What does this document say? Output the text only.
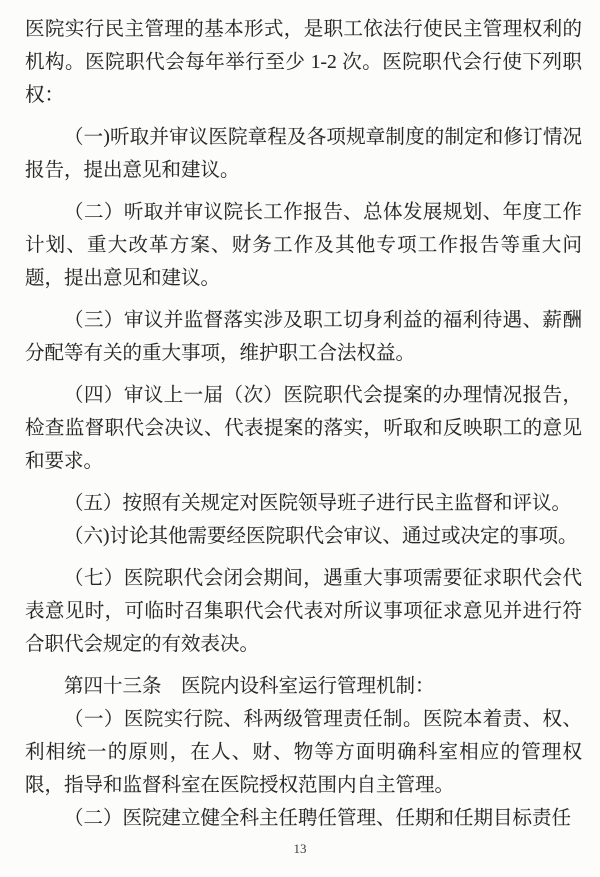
医院实行民主管理的基本形式，是职工依法行使民主管理权利的机构。医院职代会每年举行至少 1-2 次。医院职代会行使下列职权：

（一)听取并审议医院章程及各项规章制度的制定和修订情况报告，提出意见和建议。

（二）听取并审议院长工作报告、总体发展规划、年度工作计划、重大改革方案、财务工作及其他专项工作报告等重大问题，提出意见和建议。

（三）审议并监督落实涉及职工切身利益的福利待遇、薪酬分配等有关的重大事项，维护职工合法权益。

（四）审议上一届（次）医院职代会提案的办理情况报告，检查监督职代会决议、代表提案的落实，听取和反映职工的意见和要求。

（五）按照有关规定对医院领导班子进行民主监督和评议。

（六)讨论其他需要经医院职代会审议、通过或决定的事项。

（七）医院职代会闭会期间，遇重大事项需要征求职代会代表意见时，可临时召集职代会代表对所议事项征求意见并进行符合职代会规定的有效表决。

第四十三条　医院内设科室运行管理机制：

（一）医院实行院、科两级管理责任制。医院本着责、权、利相统一的原则，在人、财、物等方面明确科室相应的管理权限，指导和监督科室在医院授权范围内自主管理。

（二）医院建立健全科主任聘任管理、任期和任期目标责任

13
